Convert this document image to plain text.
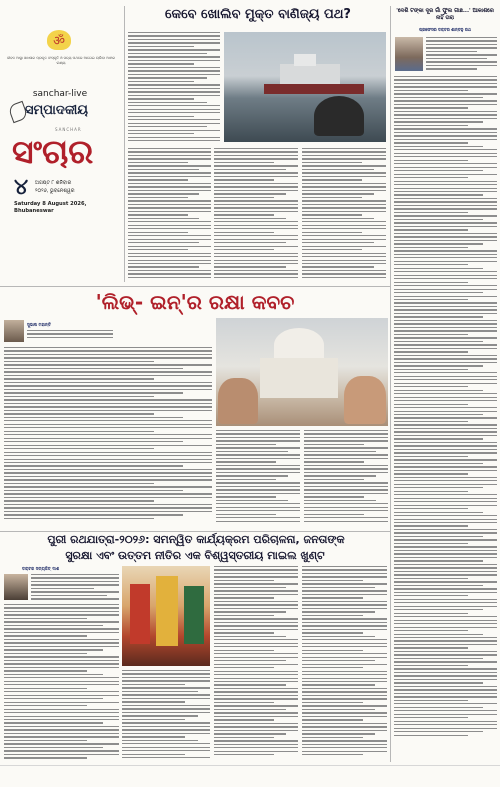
ॐ
ଜୀବନ ଆସ୍ଥା ସାଧନାର ପ୍ରକୃତ ସଂସ୍କୃତି ଓ ସତ୍ୟ ପଥରେ ଆଗେଇ ଚାଲିବା ଆମର ଲକ୍ଷ୍ୟ
sanchar-live
ସମ୍ପାଦକୀୟ
SANCHAR
ସଂଚାର
୪ ଅଗଷ୍ଟ ୮ ଶନିବାର
୨୦୨୬, ଭୁବନେଶ୍ୱର
Saturday 8 August 2026,
Bhubaneswar
କେବେ ଖୋଲିବ ମୁକ୍ତ ବାଣିଜ୍ୟ ପଥ?	'ଦେଶି ଟଙ୍କା ଦୂର ଗାଁ ଫୁଲ ଗାଛ...' ଆକାଶରେ ନାହିଁ ତାରା
ପ୍ରଫେସର ଡକ୍ଟର ଶାନ୍ତନୁ ରଥ
'ଲିଭ୍- ଇନ୍'ର ରକ୍ଷା କବଚ
ସୁଭାଷ ମହାନ୍ତି
ପୁରୀ ରଥଯାତ୍ରା-୨୦୨୬: ସମନ୍ୱିତ କାର୍ଯ୍ୟକ୍ରମ ପରିଚାଳନା, ଜନତାଙ୍କ
ସୁରକ୍ଷା ଏବଂ ଉତ୍ତମ ନୀତିର ଏକ ବିଶ୍ୱସ୍ତରୀୟ ମାଇଲ ଖୁଣ୍ଟ
ଡକ୍ଟର ସତ୍ୟଜିତ୍ ଦାଶ
